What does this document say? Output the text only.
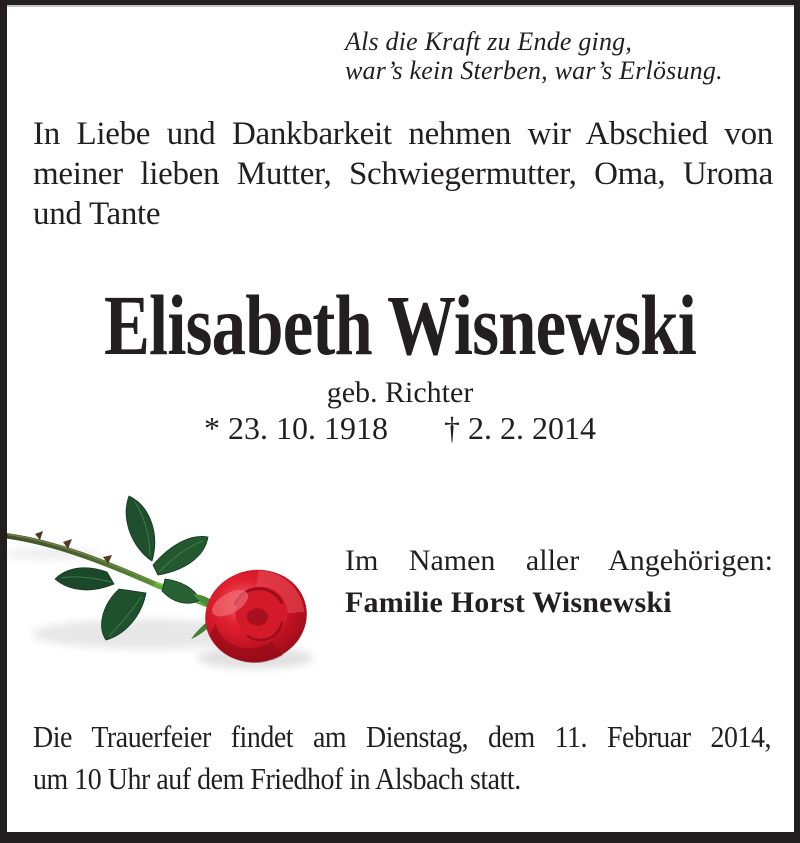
Als die Kraft zu Ende ging,
war’s kein Sterben, war’s Erlösung.
In Liebe und Dankbarkeit nehmen wir Abschied von
meiner lieben Mutter, Schwiegermutter, Oma, Uroma
und Tante
Elisabeth Wisnewski
geb. Richter
* 23. 10. 1918 † 2. 2. 2014
Im Namen aller Angehörigen:
Familie Horst Wisnewski
Die Trauerfeier findet am Dienstag, dem 11. Februar 2014,
um 10 Uhr auf dem Friedhof in Alsbach statt.
